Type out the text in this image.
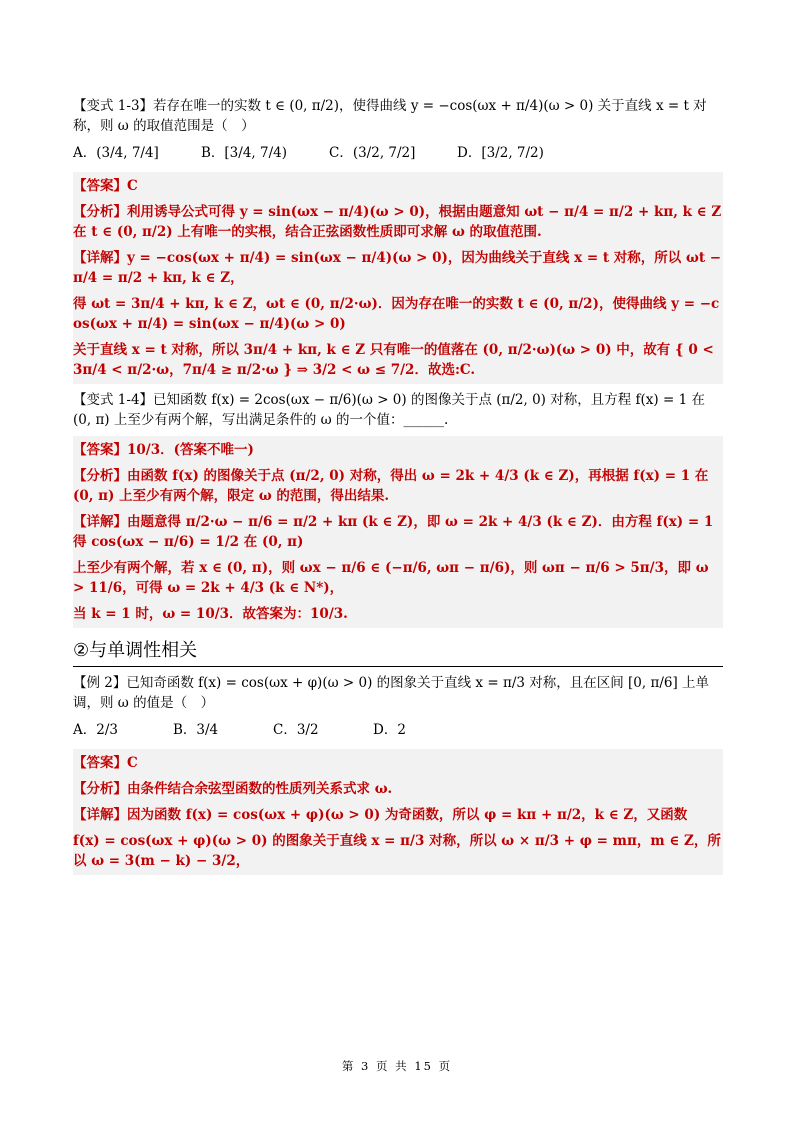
【变式 1-3】若存在唯一的实数 t ∈ (0, π/2)，使得曲线 y = −cos(ωx + π/4)(ω > 0) 关于直线 x = t 对称，则 ω 的取值范围是（　）

A．(3/4, 7/4]	B．[3/4, 7/4)	C．(3/2, 7/2]	D．[3/2, 7/2)

【答案】C

【分析】利用诱导公式可得 y = sin(ωx − π/4)(ω > 0)，根据由题意知 ωt − π/4 = π/2 + kπ, k ∈ Z 在 t ∈ (0, π/2) 上有唯一的实根，结合正弦函数性质即可求解 ω 的取值范围.

【详解】y = −cos(ωx + π/4) = sin(ωx − π/4)(ω > 0)，因为曲线关于直线 x = t 对称，所以 ωt − π/4 = π/2 + kπ, k ∈ Z，

得 ωt = 3π/4 + kπ, k ∈ Z，ωt ∈ (0, π/2·ω)．因为存在唯一的实数 t ∈ (0, π/2)，使得曲线 y = −cos(ωx + π/4) = sin(ωx − π/4)(ω > 0)

关于直线 x = t 对称，所以 3π/4 + kπ, k ∈ Z 只有唯一的值落在 (0, π/2·ω)(ω > 0) 中，故有 { 0 < 3π/4 < π/2·ω，7π/4 ≥ π/2·ω } ⇒ 3/2 < ω ≤ 7/2．故选:C.

【变式 1-4】已知函数 f(x) = 2cos(ωx − π/6)(ω > 0) 的图像关于点 (π/2, 0) 对称，且方程 f(x) = 1 在 (0, π) 上至少有两个解，写出满足条件的 ω 的一个值：______.

【答案】10/3．(答案不唯一)

【分析】由函数 f(x) 的图像关于点 (π/2, 0) 对称，得出 ω = 2k + 4/3 (k ∈ Z)，再根据 f(x) = 1 在 (0, π) 上至少有两个解，限定 ω 的范围，得出结果.

【详解】由题意得 π/2·ω − π/6 = π/2 + kπ (k ∈ Z)，即 ω = 2k + 4/3 (k ∈ Z)．由方程 f(x) = 1 得 cos(ωx − π/6) = 1/2 在 (0, π)

上至少有两个解，若 x ∈ (0, π)，则 ωx − π/6 ∈ (−π/6, ωπ − π/6)，则 ωπ − π/6 > 5π/3，即 ω > 11/6，可得 ω = 2k + 4/3 (k ∈ N*)，

当 k = 1 时，ω = 10/3．故答案为：10/3.

②与单调性相关

【例 2】已知奇函数 f(x) = cos(ωx + φ)(ω > 0) 的图象关于直线 x = π/3 对称，且在区间 [0, π/6] 上单调，则 ω 的值是（　）

A．2/3	B．3/4	C．3/2	D．2

【答案】C

【分析】由条件结合余弦型函数的性质列关系式求 ω.

【详解】因为函数 f(x) = cos(ωx + φ)(ω > 0) 为奇函数，所以 φ = kπ + π/2，k ∈ Z，又函数

f(x) = cos(ωx + φ)(ω > 0) 的图象关于直线 x = π/3 对称，所以 ω × π/3 + φ = mπ，m ∈ Z，所以 ω = 3(m − k) − 3/2，

第 3 页 共 15 页
